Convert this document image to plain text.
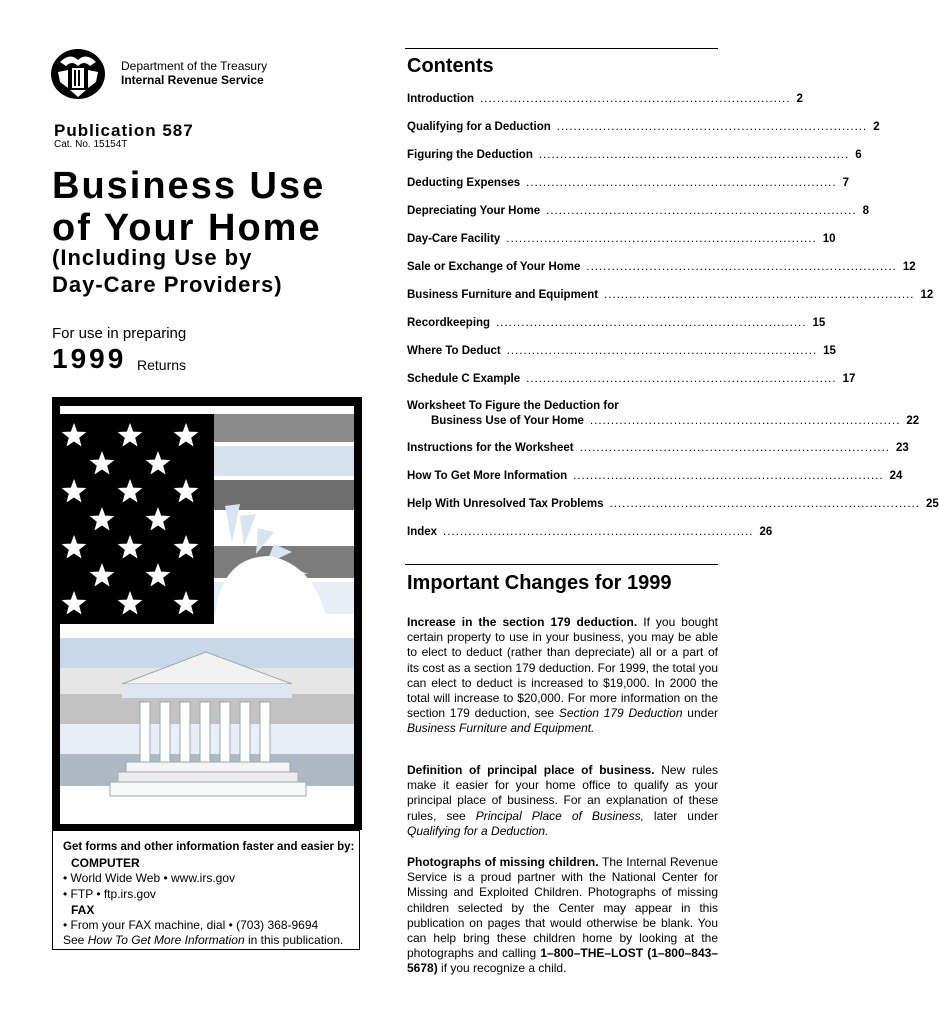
Department of the Treasury
Internal Revenue Service
Publication 587
Cat. No. 15154T
Business Use
of Your Home
(Including Use by
Day-Care Providers)
For use in preparing
1999 Returns
Get forms and other information faster and easier by:
COMPUTER
• World Wide Web • www.irs.gov
• FTP • ftp.irs.gov
FAX
• From your FAX machine, dial • (703) 368-9694
See How To Get More Information in this publication.
Contents
Introduction .......................................................................... 2
Qualifying for a Deduction .......................................................................... 2
Figuring the Deduction .......................................................................... 6
Deducting Expenses .......................................................................... 7
Depreciating Your Home .......................................................................... 8
Day-Care Facility .......................................................................... 10
Sale or Exchange of Your Home .......................................................................... 12
Business Furniture and Equipment .......................................................................... 12
Recordkeeping .......................................................................... 15
Where To Deduct .......................................................................... 15
Schedule C Example .......................................................................... 17
Worksheet To Figure the Deduction for
Business Use of Your Home .......................................................................... 22
Instructions for the Worksheet .......................................................................... 23
How To Get More Information .......................................................................... 24
Help With Unresolved Tax Problems .......................................................................... 25
Index .......................................................................... 26
Important Changes for 1999
Increase in the section 179 deduction. If you bought certain property to use in your business, you may be able to elect to deduct (rather than depreciate) all or a part of its cost as a section 179 deduction. For 1999, the total you can elect to deduct is increased to $19,000. In 2000 the total will increase to $20,000. For more information on the section 179 deduction, see Section 179 Deduction under Business Furniture and Equipment.
Definition of principal place of business. New rules make it easier for your home office to qualify as your principal place of business. For an explanation of these rules, see Principal Place of Business, later under Qualifying for a Deduction.
Photographs of missing children. The Internal Revenue Service is a proud partner with the National Center for Missing and Exploited Children. Photographs of missing children selected by the Center may appear in this publication on pages that would otherwise be blank. You can help bring these children home by looking at the photographs and calling 1–800–THE–LOST (1–800–843–5678) if you recognize a child.
